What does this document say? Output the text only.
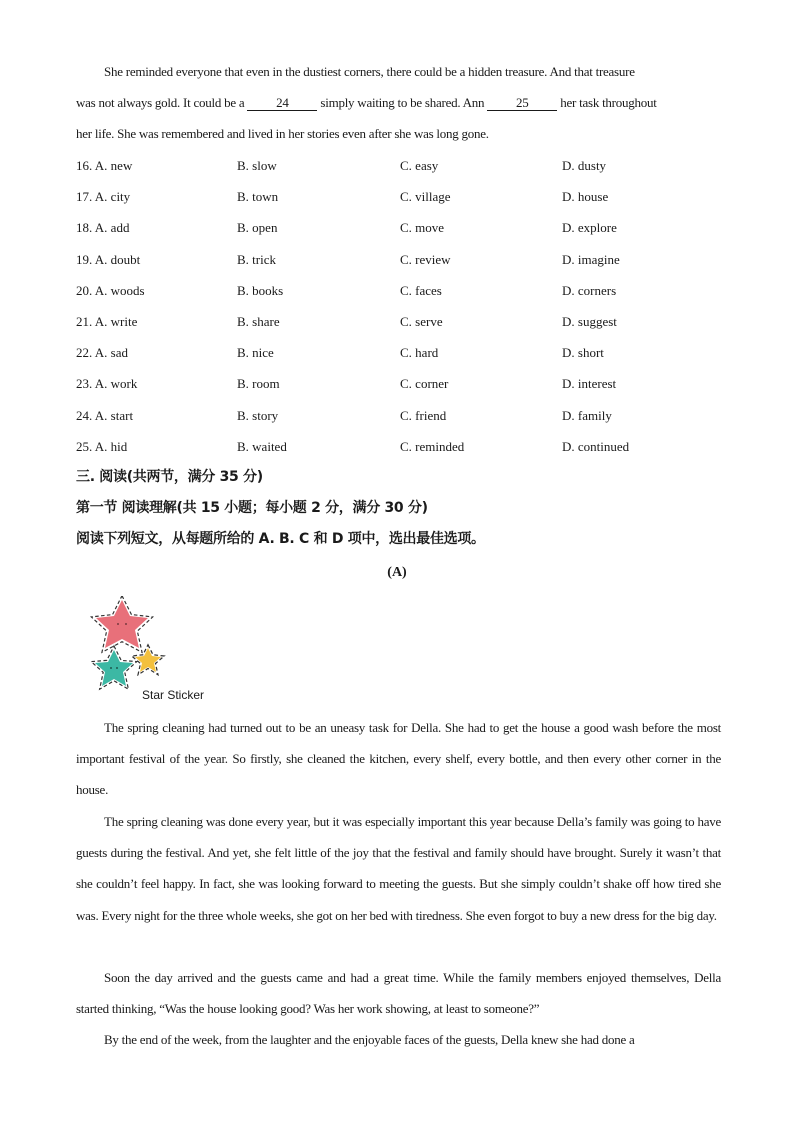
She reminded everyone that even in the dustiest corners, there could be a hidden treasure. And that treasure
was not always gold. It could be a 24 simply waiting to be shared. Ann 25 her task throughout
her life. She was remembered and lived in her stories even after she was long gone.

16. A. new	B. slow	C. easy	D. dusty
17. A. city	B. town	C. village	D. house
18. A. add	B. open	C. move	D. explore
19. A. doubt	B. trick	C. review	D. imagine
20. A. woods	B. books	C. faces	D. corners
21. A. write	B. share	C. serve	D. suggest
22. A. sad	B. nice	C. hard	D. short
23. A. work	B. room	C. corner	D. interest
24. A. start	B. story	C. friend	D. family
25. A. hid	B. waited	C. reminded	D. continued

三. 阅读(共两节，满分 35 分)

第一节 阅读理解(共 15 小题；每小题 2 分，满分 30 分)

阅读下列短文，从每题所给的 A. B. C 和 D 项中，选出最佳选项。

(A)
Star Sticker

The spring cleaning had turned out to be an uneasy task for Della. She had to get the house a good wash before the most important festival of the year. So firstly, she cleaned the kitchen, every shelf, every bottle, and then every other corner in the house.

The spring cleaning was done every year, but it was especially important this year because Della’s family was going to have guests during the festival. And yet, she felt little of the joy that the festival and family should have brought. Surely it wasn’t that she couldn’t feel happy. In fact, she was looking forward to meeting the guests. But she simply couldn’t shake off how tired she was. Every night for the three whole weeks, she got on her bed with tiredness. She even forgot to buy a new dress for the big day.

Soon the day arrived and the guests came and had a great time. While the family members enjoyed themselves, Della started thinking, “Was the house looking good? Was her work showing, at least to someone?”

By the end of the week, from the laughter and the enjoyable faces of the guests, Della knew she had done a
